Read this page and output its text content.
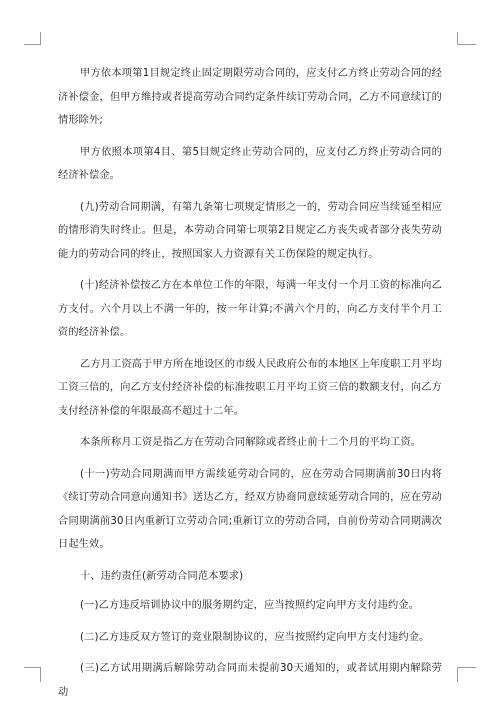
甲方依本项第1目规定终止固定期限劳动合同的，应支付乙方终止劳动合同的经济补偿金，但甲方维持或者提高劳动合同约定条件续订劳动合同，乙方不同意续订的情形除外;

甲方依照本项第4目、第5目规定终止劳动合同的，应支付乙方终止劳动合同的经济补偿金。

(九)劳动合同期满，有第九条第七项规定情形之一的，劳动合同应当续延至相应的情形消失时终止。但是，本劳动合同第七项第2目规定乙方丧失或者部分丧失劳动能力的劳动合同的终止，按照国家人力资源有关工伤保险的规定执行。

(十)经济补偿按乙方在本单位工作的年限，每满一年支付一个月工资的标准向乙方支付。六个月以上不满一年的，按一年计算;不满六个月的，向乙方支付半个月工资的经济补偿。

乙方月工资高于甲方所在地设区的市级人民政府公布的本地区上年度职工月平均工资三倍的，向乙方支付经济补偿的标准按职工月平均工资三倍的数额支付，向乙方支付经济补偿的年限最高不超过十二年。

本条所称月工资是指乙方在劳动合同解除或者终止前十二个月的平均工资。

(十一)劳动合同期满而甲方需续延劳动合同的，应在劳动合同期满前30日内将《续订劳动合同意向通知书》送达乙方，经双方协商同意续延劳动合同的，应在劳动合同期满前30日内重新订立劳动合同;重新订立的劳动合同，自前份劳动合同期满次日起生效。

十、违约责任(新劳动合同范本要求)

(一)乙方违反培训协议中的服务期约定，应当按照约定向甲方支付违约金。

(二)乙方违反双方签订的竞业限制协议的，应当按照约定向甲方支付违约金。

(三)乙方试用期满后解除劳动合同而未提前30天通知的，或者试用期内解除劳动
